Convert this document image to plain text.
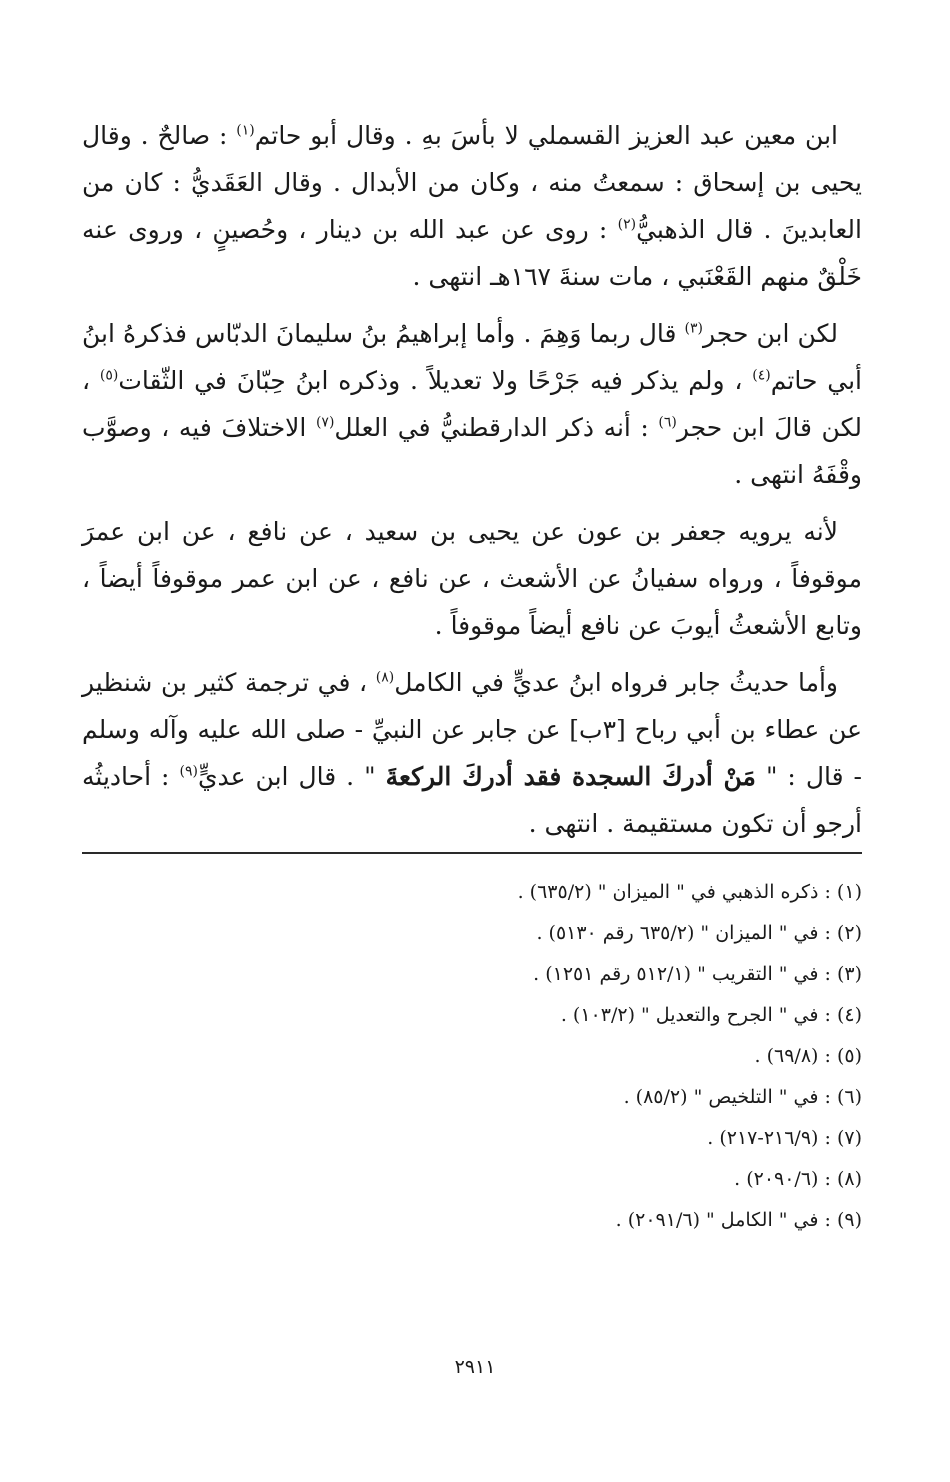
ابن معين عبد العزيز القسملي لا بأسَ بهِ . وقال أبو حاتم$^{(١)}$ : صالحٌ . وقال يحيى بن إسحاق : سمعتُ منه ، وكان من الأبدال . وقال العَقَديُّ : كان من العابدينَ . قال الذهبيُّ$^{(٢)}$ : روى عن عبد الله بن دينار ، وحُصينٍ ، وروى عنه خَلْقٌ منهم القَعْنَبي ، مات سنةَ ١٦٧هـ انتهى .

لكن ابن حجر$^{(٣)}$ قال ربما وَهِمَ . وأما إبراهيمُ بنُ سليمانَ الدبّاس فذكرهُ ابنُ أبي حاتم$^{(٤)}$ ، ولم يذكر فيه جَرْحًا ولا تعديلاً . وذكره ابنُ حِبّانَ في الثّقات$^{(٥)}$ ، لكن قالَ ابن حجر$^{(٦)}$ : أنه ذكر الدارقطنيُّ في العلل$^{(٧)}$ الاختلافَ فيه ، وصوَّب وقْفَهُ انتهى .

لأنه يرويه جعفر بن عون عن يحيى بن سعيد ، عن نافع ، عن ابن عمرَ موقوفاً ، ورواه سفيانُ عن الأشعث ، عن نافع ، عن ابن عمر موقوفاً أيضاً ، وتابع الأشعثُ أيوبَ عن نافع أيضاً موقوفاً .

وأما حديثُ جابر فرواه ابنُ عديٍّ في الكامل$^{(٨)}$ ، في ترجمة كثير بن شنظير عن عطاء بن أبي رباح [٣ب] عن جابر عن النبيِّ - صلى الله عليه وآله وسلم - قال : " مَنْ أدركَ السجدة فقد أدركَ الركعةَ " . قال ابن عديٍّ$^{(٩)}$ : أحاديثُه أرجو أن تكون مستقيمة . انتهى .

(١) : ذكره الذهبي في " الميزان " (٦٣٥/٢) .
(٢) : في " الميزان " (٦٣٥/٢ رقم ٥١٣٠) .
(٣) : في " التقريب " (٥١٢/١ رقم ١٢٥١) .
(٤) : في " الجرح والتعديل " (١٠٣/٢) .
(٥) : (٦٩/٨) .
(٦) : في " التلخيص " (٨٥/٢) .
(٧) : (٢١٦/٩-٢١٧) .
(٨) : (٢٠٩٠/٦) .
(٩) : في " الكامل " (٢٠٩١/٦) .
٢٩١١
